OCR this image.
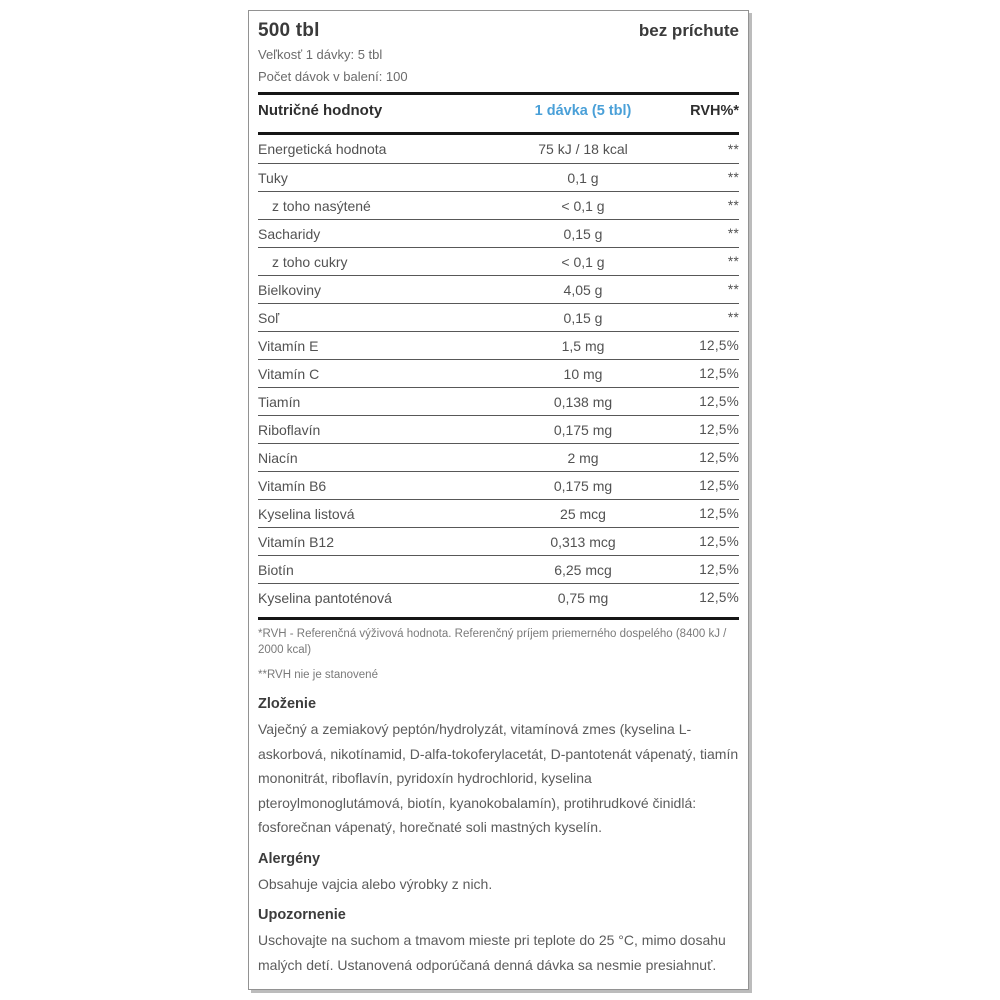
500 tbl	bez príchute
Veľkosť 1 dávky: 5 tbl
Počet dávok v balení: 100
Nutričné hodnoty	1 dávka (5 tbl)	RVH%*
Energetická hodnota	75 kJ / 18 kcal	**
Tuky	0,1 g	**
z toho nasýtené	< 0,1 g	**
Sacharidy	0,15 g	**
z toho cukry	< 0,1 g	**
Bielkoviny	4,05 g	**
Soľ	0,15 g	**
Vitamín E	1,5 mg	12,5%
Vitamín C	10 mg	12,5%
Tiamín	0,138 mg	12,5%
Riboflavín	0,175 mg	12,5%
Niacín	2 mg	12,5%
Vitamín B6	0,175 mg	12,5%
Kyselina listová	25 mcg	12,5%
Vitamín B12	0,313 mcg	12,5%
Biotín	6,25 mcg	12,5%
Kyselina pantoténová	0,75 mg	12,5%
*RVH - Referenčná výživová hodnota. Referenčný príjem priemerného dospelého (8400 kJ / 2000 kcal)
**RVH nie je stanovené
Zloženie
Vaječný a zemiakový peptón/hydrolyzát, vitamínová zmes (kyselina L-askorbová, nikotínamid, D-alfa-tokoferylacetát, D-pantotenát vápenatý, tiamín mononitrát, riboflavín, pyridoxín hydrochlorid, kyselina pteroylmonoglutámová, biotín, kyanokobalamín), protihrudkové činidlá: fosforečnan vápenatý, horečnaté soli mastných kyselín.
Alergény
Obsahuje vajcia alebo výrobky z nich.
Upozornenie
Uschovajte na suchom a tmavom mieste pri teplote do 25 °C, mimo dosahu malých detí. Ustanovená odporúčaná denná dávka sa nesmie presiahnuť.
